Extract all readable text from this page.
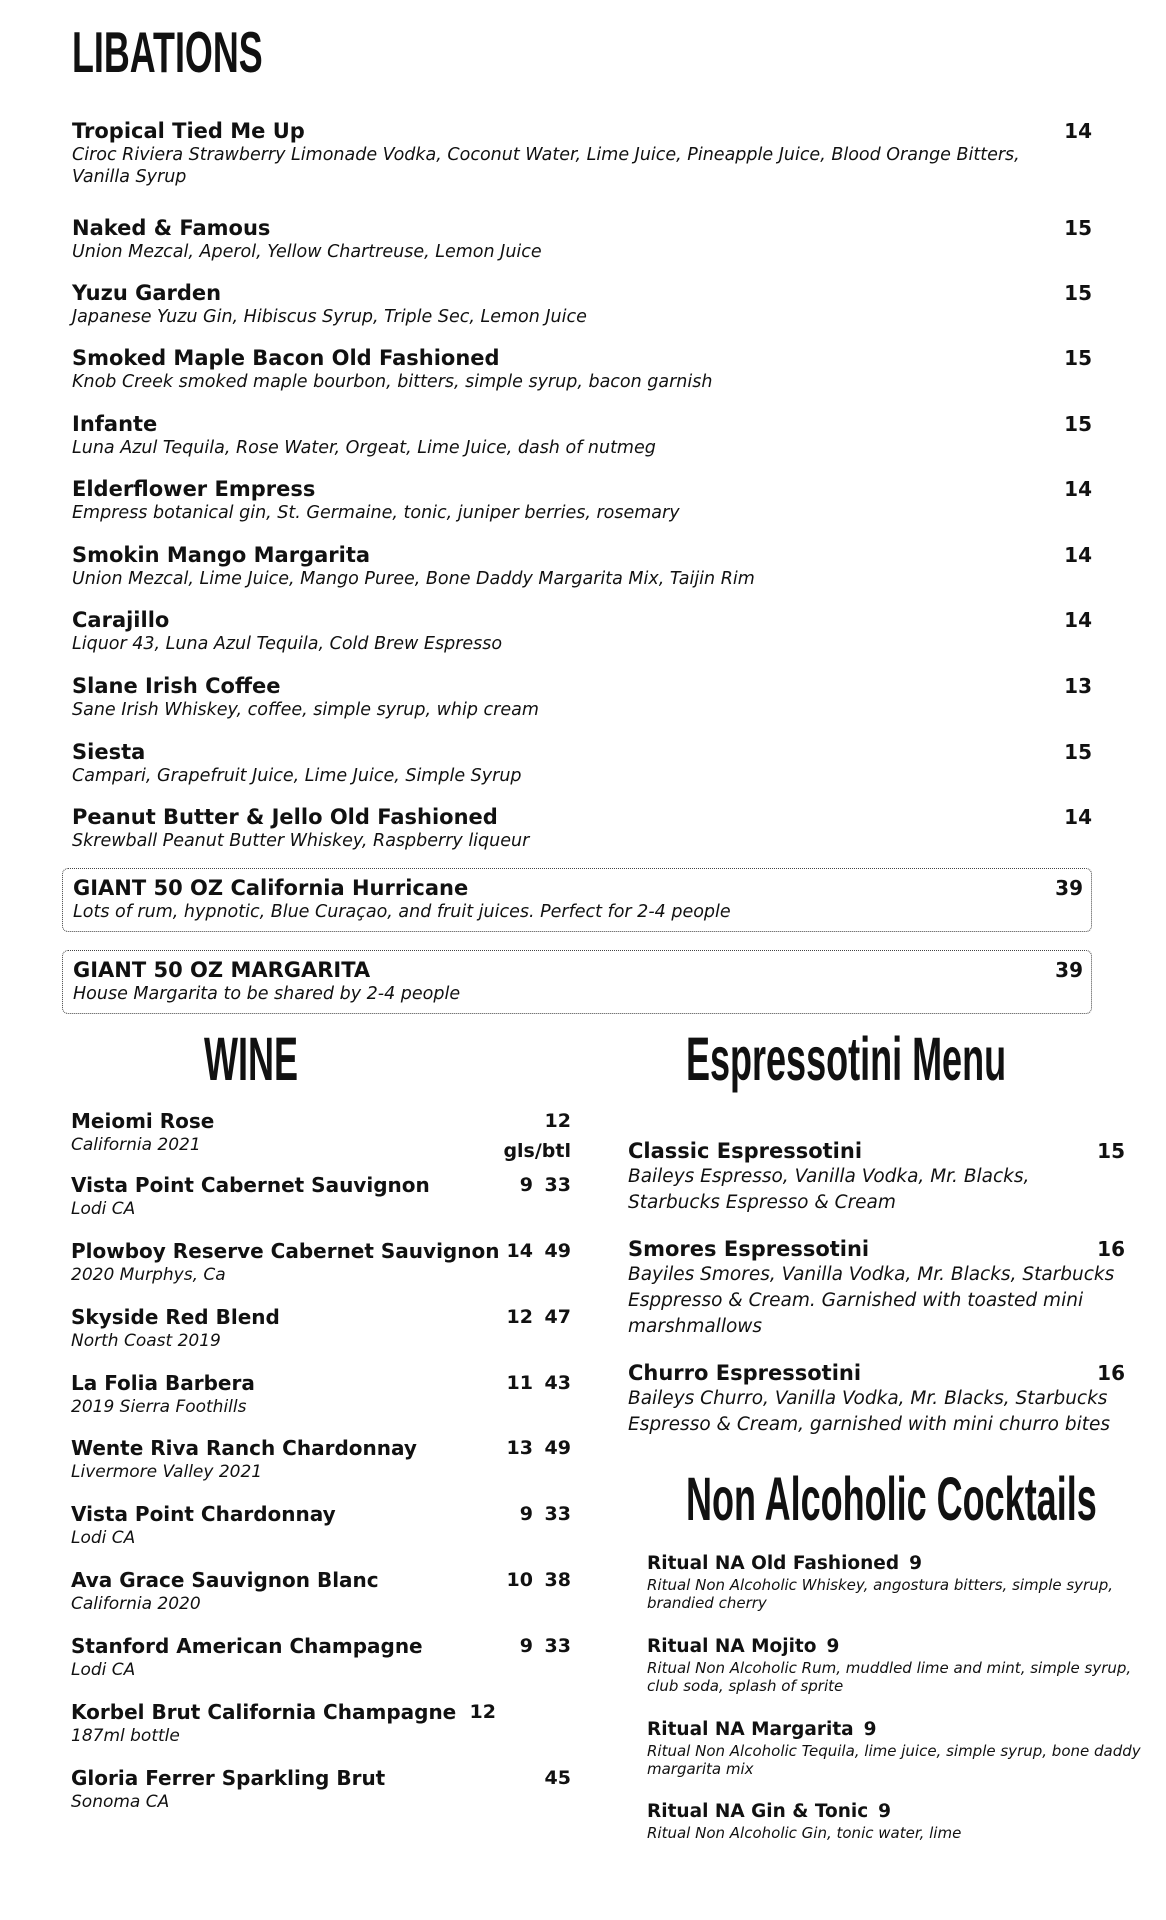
LIBATIONS
Tropical Tied Me Up
Ciroc Riviera Strawberry Limonade Vodka, Coconut Water, Lime Juice, Pineapple Juice, Blood Orange Bitters, Vanilla Syrup
14
Naked & Famous
Union Mezcal, Aperol, Yellow Chartreuse, Lemon Juice
15
Yuzu Garden
Japanese Yuzu Gin, Hibiscus Syrup, Triple Sec, Lemon Juice
15
Smoked Maple Bacon Old Fashioned
Knob Creek smoked maple bourbon, bitters, simple syrup, bacon garnish
15
Infante
Luna Azul Tequila, Rose Water, Orgeat, Lime Juice, dash of nutmeg
15
Elderflower Empress
Empress botanical gin, St. Germaine, tonic, juniper berries, rosemary
14
Smokin Mango Margarita
Union Mezcal, Lime Juice, Mango Puree, Bone Daddy Margarita Mix, Taijin Rim
14
Carajillo
Liquor 43, Luna Azul Tequila, Cold Brew Espresso
14
Slane Irish Coffee
Sane Irish Whiskey, coffee, simple syrup, whip cream
13
Siesta
Campari, Grapefruit Juice, Lime Juice, Simple Syrup
15
Peanut Butter & Jello Old Fashioned
Skrewball Peanut Butter Whiskey, Raspberry liqueur
14
GIANT 50 OZ California Hurricane
Lots of rum, hypnotic, Blue Curaçao, and fruit juices. Perfect for 2-4 people
39
GIANT 50 OZ MARGARITA
House Margarita to be shared by 2-4 people
39
WINE
gls/btl
Meiomi Rose
California 2021
12
Vista Point Cabernet Sauvignon
Lodi CA
9 33
Plowboy Reserve Cabernet Sauvignon
2020 Murphys, Ca
14 49
Skyside Red Blend
North Coast 2019
12 47
La Folia Barbera
2019 Sierra Foothills
11 43
Wente Riva Ranch Chardonnay
Livermore Valley 2021
13 49
Vista Point Chardonnay
Lodi CA
9 33
Ava Grace Sauvignon Blanc
California 2020
10 38
Stanford American Champagne
Lodi CA
9 33
Korbel Brut California Champagne
187ml bottle
12
Gloria Ferrer Sparkling Brut
Sonoma CA
45
Espressotini Menu
Classic Espressotini
Baileys Espresso, Vanilla Vodka, Mr. Blacks, Starbucks Espresso & Cream
15
Smores Espressotini
Bayiles Smores, Vanilla Vodka, Mr. Blacks, Starbucks Esppresso & Cream. Garnished with toasted mini marshmallows
16
Churro Espressotini
Baileys Churro, Vanilla Vodka, Mr. Blacks, Starbucks Espresso & Cream, garnished with mini churro bites
16
Non Alcoholic Cocktails
Ritual NA Old Fashioned 9
Ritual Non Alcoholic Whiskey, angostura bitters, simple syrup, brandied cherry
Ritual NA Mojito 9
Ritual Non Alcoholic Rum, muddled lime and mint, simple syrup, club soda, splash of sprite
Ritual NA Margarita 9
Ritual Non Alcoholic Tequila, lime juice, simple syrup, bone daddy margarita mix
Ritual NA Gin & Tonic 9
Ritual Non Alcoholic Gin, tonic water, lime
